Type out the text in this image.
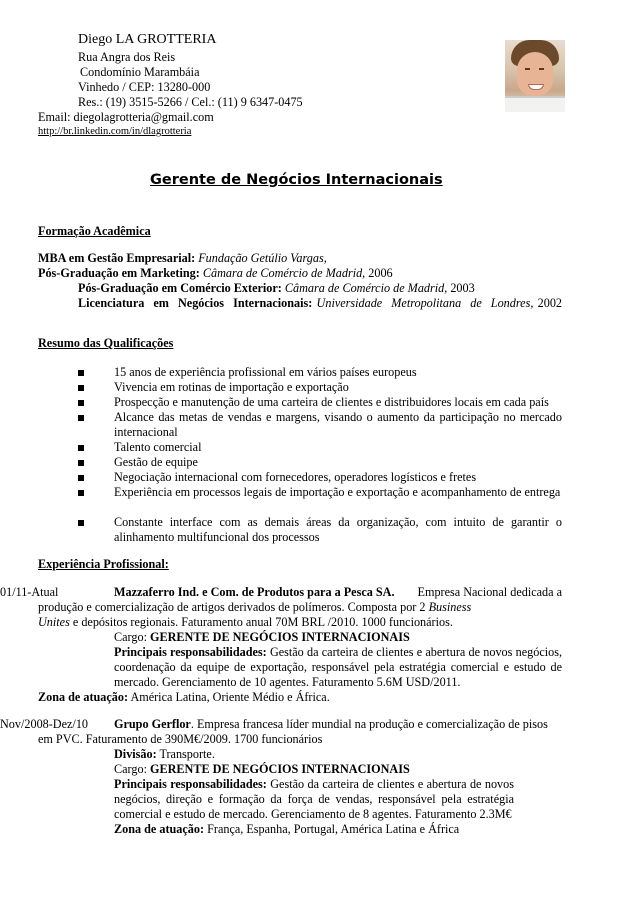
Diego LA GROTTERIA
Rua Angra dos Reis
Condomínio Marambáia
Vinhedo / CEP: 13280-000
Res.: (19) 3515-5266 / Cel.: (11) 9 6347-0475
Email: diegolagrotteria@gmail.com
http://br.linkedin.com/in/dlagrotteria
Gerente de Negócios Internacionais
Formação Acadêmica
MBA em Gestão Empresarial: Fundação Getúlio Vargas,
Pós-Graduação em Marketing: Câmara de Comércio de Madrid, 2006
Pós-Graduação em Comércio Exterior: Câmara de Comércio de Madrid, 2003
Licenciatura em Negócios Internacionais: Universidade Metropolitana de Londres, 2002
Resumo das Qualificações
15 anos de experiência profissional em vários países europeus
Vivencia em rotinas de importação e exportação
Prospecção e manutenção de uma carteira de clientes e distribuidores locais em cada país
Alcance das metas de vendas e margens, visando o aumento da participação no mercado internacional
Talento comercial
Gestão de equipe
Negociação internacional com fornecedores, operadores logísticos e fretes
Experiência em processos legais de importação e exportação e acompanhamento de entrega
Constante interface com as demais áreas da organização, com intuito de garantir o alinhamento multifuncional dos processos
Experiência Profissional:
01/11-Atual	Mazzaferro Ind. e Com. de Produtos para a Pesca SA. Empresa Nacional dedicada a
produção e comercialização de artigos derivados de polímeros. Composta por 2 Business
Unites e depósitos regionais. Faturamento anual 70M BRL /2010. 1000 funcionários.
Cargo: GERENTE DE NEGÓCIOS INTERNACIONAIS
Principais responsabilidades: Gestão da carteira de clientes e abertura de novos negócios, coordenação da equipe de exportação, responsável pela estratégia comercial e estudo de mercado. Gerenciamento de 10 agentes. Faturamento 5.6M USD/2011.
Zona de atuação: América Latina, Oriente Médio e África.
Nov/2008-Dez/10 Grupo Gerflor. Empresa francesa líder mundial na produção e comercialização de pisos
em PVC. Faturamento de 390M€/2009. 1700 funcionários
Divisão: Transporte.
Cargo: GERENTE DE NEGÓCIOS INTERNACIONAIS
Principais responsabilidades: Gestão da carteira de clientes e abertura de novos negócios, direção e formação da força de vendas, responsável pela estratégia comercial e estudo de mercado. Gerenciamento de 8 agentes. Faturamento 2.3M€
Zona de atuação: França, Espanha, Portugal, América Latina e África
